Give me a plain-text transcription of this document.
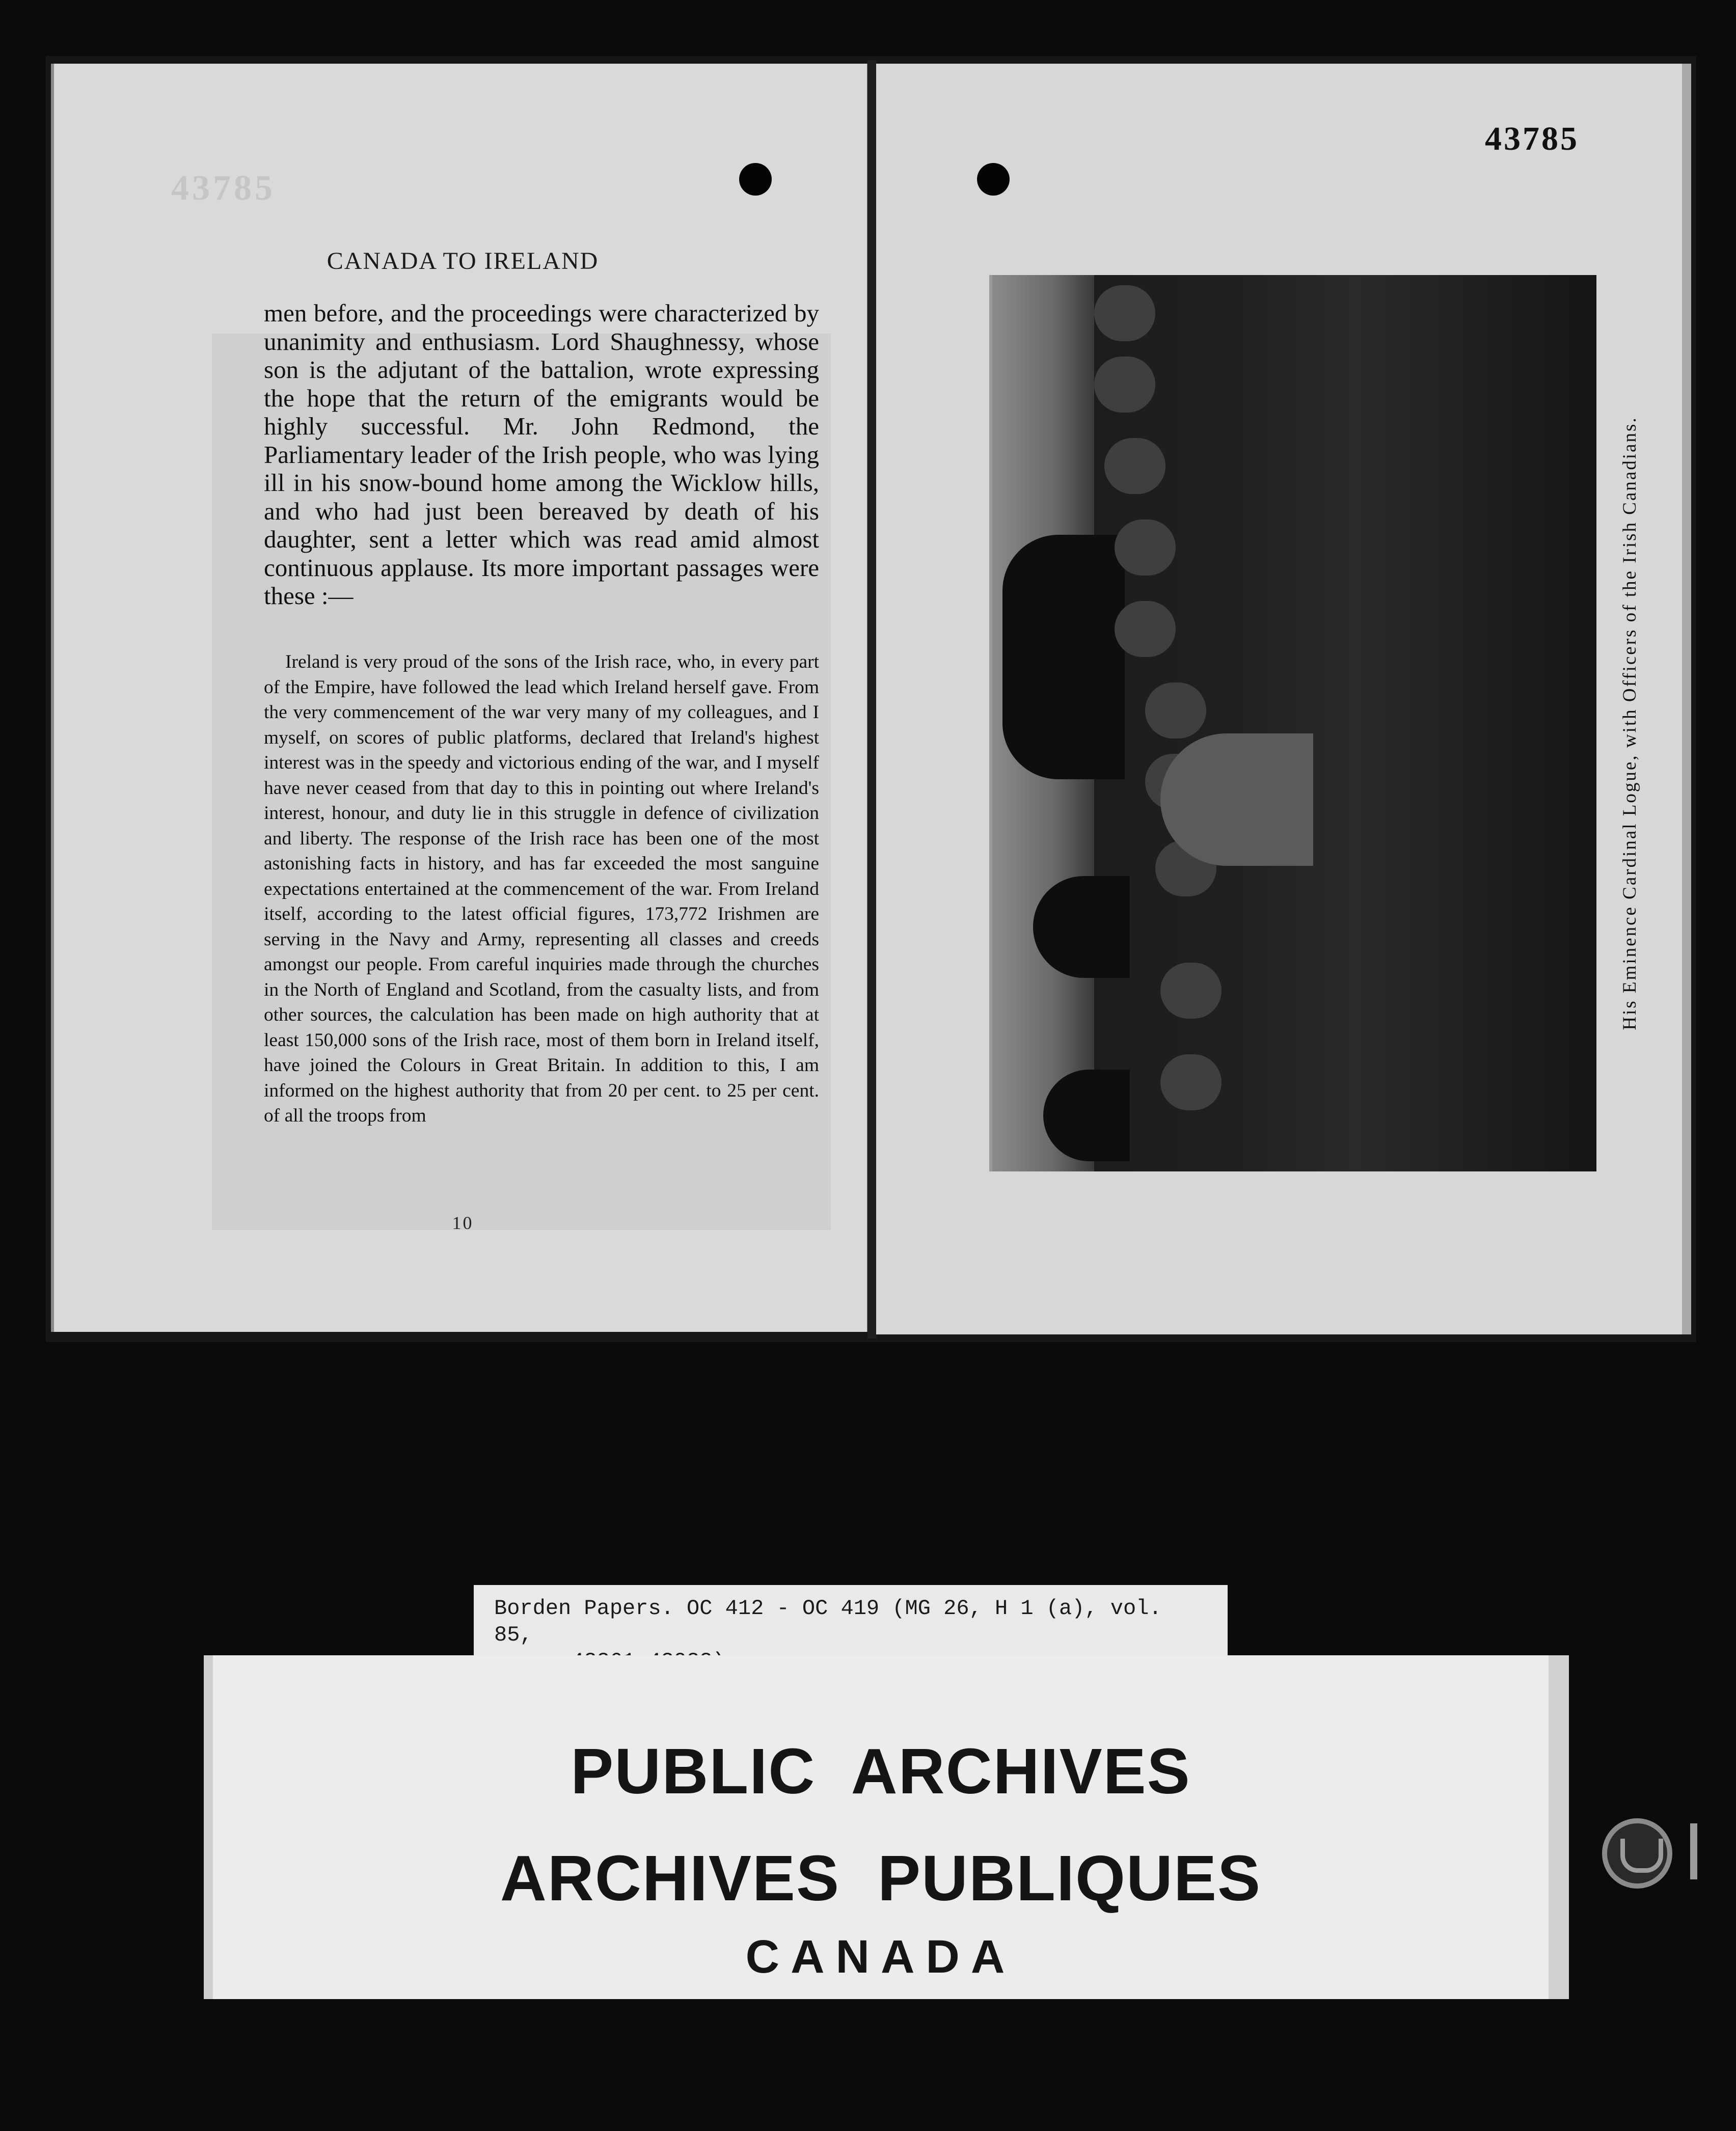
43785
CANADA TO IRELAND
men before, and the proceedings were characterized by unanimity and enthusiasm. Lord Shaughnessy, whose son is the adjutant of the battalion, wrote expressing the hope that the return of the emigrants would be highly successful. Mr. John Redmond, the Parliamentary leader of the Irish people, who was lying ill in his snow-bound home among the Wicklow hills, and who had just been bereaved by death of his daughter, sent a letter which was read amid almost continuous applause. Its more important passages were these :—
Ireland is very proud of the sons of the Irish race, who, in every part of the Empire, have followed the lead which Ireland herself gave. From the very commencement of the war very many of my colleagues, and I myself, on scores of public platforms, declared that Ireland's highest interest was in the speedy and victorious ending of the war, and I myself have never ceased from that day to this in pointing out where Ireland's interest, honour, and duty lie in this struggle in defence of civilization and liberty. The response of the Irish race has been one of the most astonishing facts in history, and has far exceeded the most sanguine expectations entertained at the commencement of the war. From Ireland itself, according to the latest official figures, 173,772 Irishmen are serving in the Navy and Army, representing all classes and creeds amongst our people. From careful inquiries made through the churches in the North of England and Scotland, from the casualty lists, and from other sources, the calculation has been made on high authority that at least 150,000 sons of the Irish race, most of them born in Ireland itself, have joined the Colours in Great Britain. In addition to this, I am informed on the highest authority that from 20 per cent. to 25 per cent. of all the troops from
10
43785
His Eminence Cardinal Logue, with Officers of the Irish Canadians.
Borden Papers. OC 412 - OC 419 (MG 26, H 1 (a), vol. 85,
PUBLIC  ARCHIVES
ARCHIVES  PUBLIQUES
CANADA
